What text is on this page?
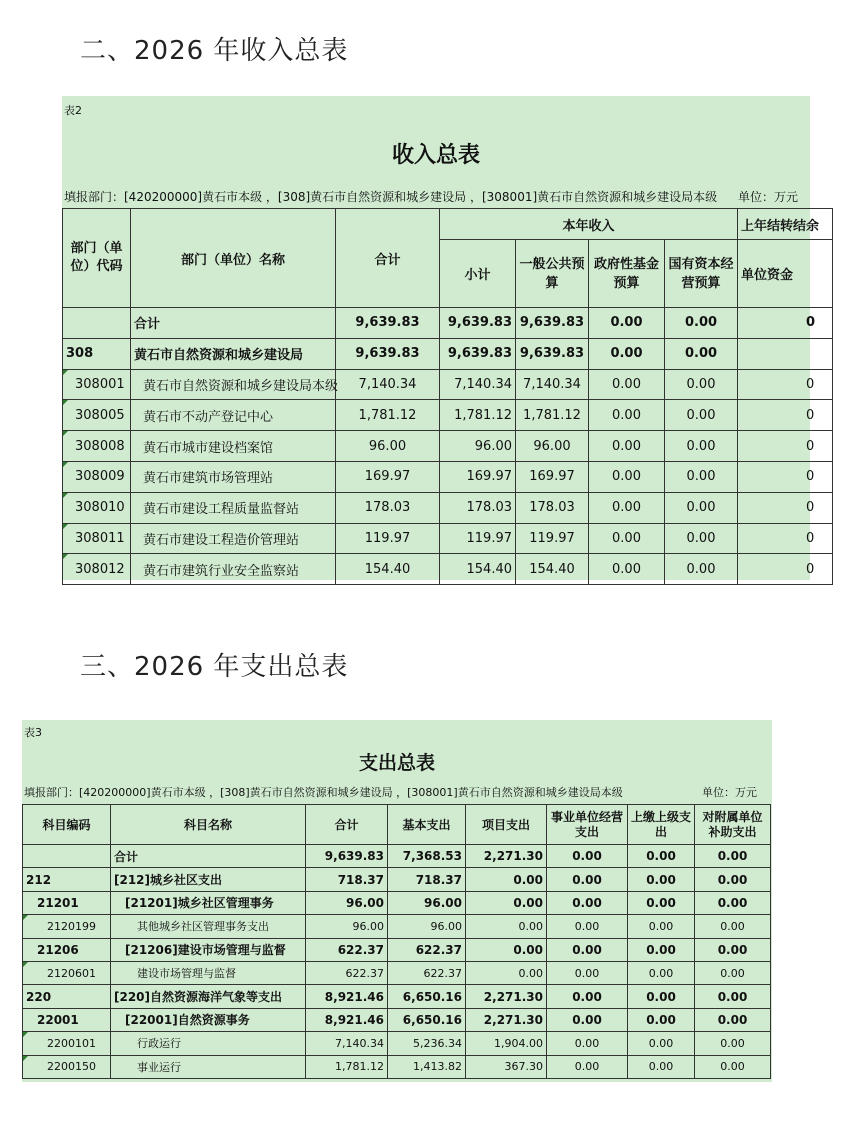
二、2026 年收入总表
表2
收入总表
填报部门：[420200000]黄石市本级 ，[308]黄石市自然资源和城乡建设局 ，[308001]黄石市自然资源和城乡建设局本级 单位：万元
部门（单位）代码	部门（单位）名称	合计	本年收入				上年结转结余
			小计	一般公共预算	政府性基金预算	国有资本经营预算	单位资金
	合计	9,639.83	9,639.83	9,639.83	0.00	0.00	0
308	黄石市自然资源和城乡建设局	9,639.83	9,639.83	9,639.83	0.00	0.00	
308001	黄石市自然资源和城乡建设局本级	7,140.34	7,140.34	7,140.34	0.00	0.00	0
308005	黄石市不动产登记中心	1,781.12	1,781.12	1,781.12	0.00	0.00	0
308008	黄石市城市建设档案馆	96.00	96.00	96.00	0.00	0.00	0
308009	黄石市建筑市场管理站	169.97	169.97	169.97	0.00	0.00	0
308010	黄石市建设工程质量监督站	178.03	178.03	178.03	0.00	0.00	0
308011	黄石市建设工程造价管理站	119.97	119.97	119.97	0.00	0.00	0
308012	黄石市建筑行业安全监察站	154.40	154.40	154.40	0.00	0.00	0
三、2026 年支出总表
表3
支出总表
填报部门：[420200000]黄石市本级 ，[308]黄石市自然资源和城乡建设局 ，[308001]黄石市自然资源和城乡建设局本级	单位：万元
科目编码	科目名称	合计	基本支出	项目支出	事业单位经营支出	上缴上级支出	对附属单位补助支出
	合计	9,639.83	7,368.53	2,271.30	0.00	0.00	0.00
212	[212]城乡社区支出	718.37	718.37	0.00	0.00	0.00	0.00
21201	[21201]城乡社区管理事务	96.00	96.00	0.00	0.00	0.00	0.00
2120199	其他城乡社区管理事务支出	96.00	96.00	0.00	0.00	0.00	0.00
21206	[21206]建设市场管理与监督	622.37	622.37	0.00	0.00	0.00	0.00
2120601	建设市场管理与监督	622.37	622.37	0.00	0.00	0.00	0.00
220	[220]自然资源海洋气象等支出	8,921.46	6,650.16	2,271.30	0.00	0.00	0.00
22001	[22001]自然资源事务	8,921.46	6,650.16	2,271.30	0.00	0.00	0.00
2200101	行政运行	7,140.34	5,236.34	1,904.00	0.00	0.00	0.00
2200150	事业运行	1,781.12	1,413.82	367.30	0.00	0.00	0.00
